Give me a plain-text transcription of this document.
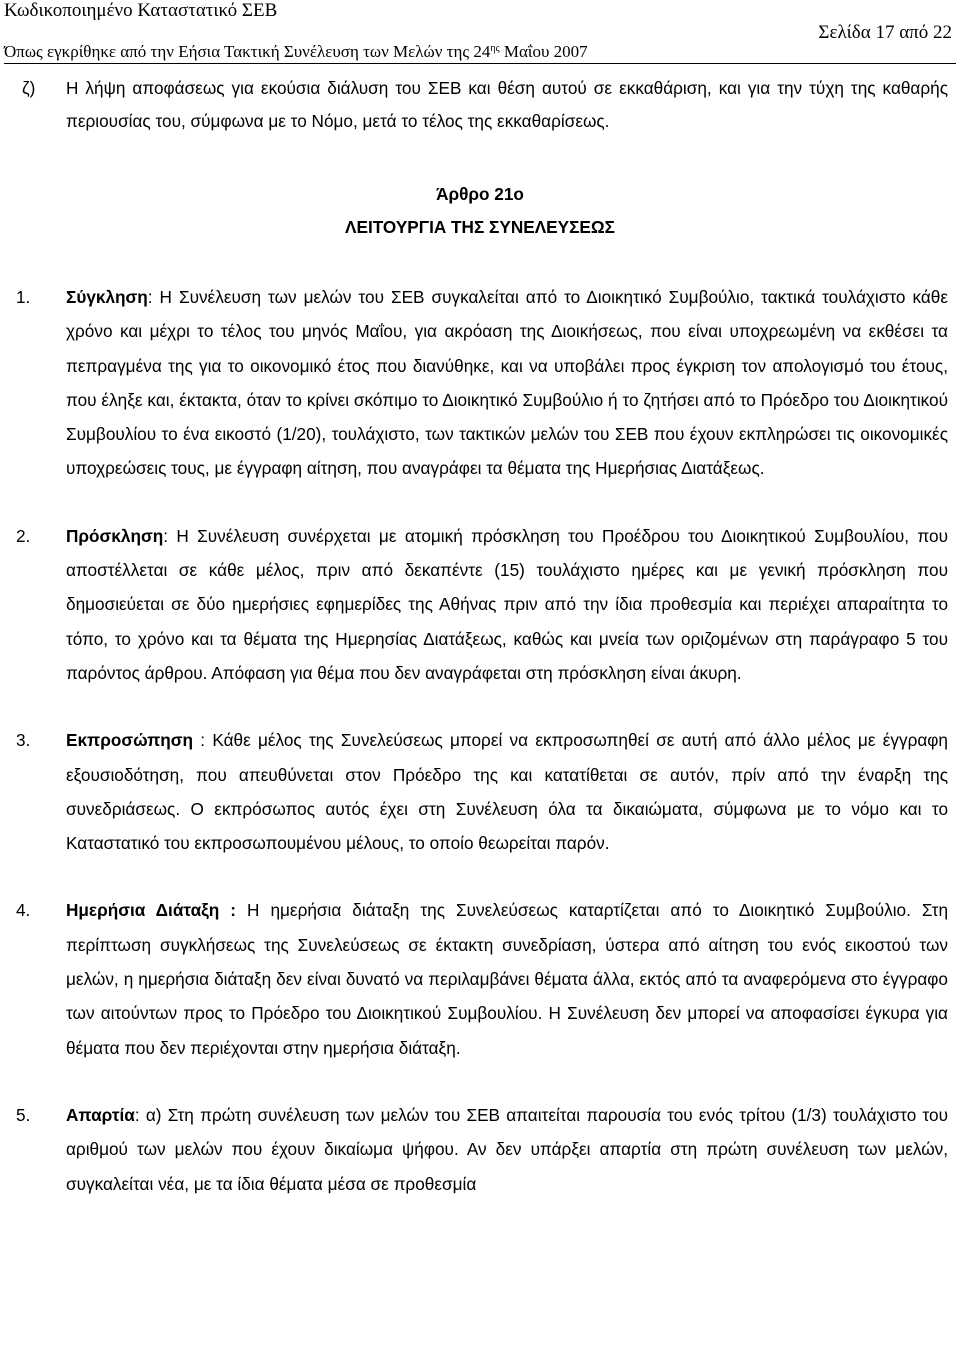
Κωδικοποιημένο Καταστατικό ΣΕΒ
Σελίδα 17 από 22
Όπως εγκρίθηκε από την Εήσια Τακτική Συνέλευση των Μελών της $24^{\eta\varsigma}$ Μαΐου 2007

ζ) Η λήψη αποφάσεως για εκούσια διάλυση του ΣΕΒ και θέση αυτού σε εκκαθάριση, και για την τύχη της καθαρής περιουσίας του, σύμφωνα με το Νόμο, μετά το τέλος της εκκαθαρίσεως.

Άρθρο 21ο
ΛΕΙΤΟΥΡΓΙΑ ΤΗΣ ΣΥΝΕΛΕΥΣΕΩΣ
1. Σύγκληση: Η Συνέλευση των μελών του ΣΕΒ συγκαλείται από το Διοικητικό Συμβούλιο, τακτικά τουλάχιστο κάθε χρόνο και μέχρι το τέλος του μηνός Μαΐου, για ακρόαση της Διοικήσεως, που είναι υποχρεωμένη να εκθέσει τα πεπραγμένα της για το οικονομικό έτος που διανύθηκε, και να υποβάλει προς έγκριση τον απολογισμό του έτους, που έληξε και, έκτακτα, όταν το κρίνει σκόπιμο το Διοικητικό Συμβούλιο ή το ζητήσει από το Πρόεδρο του Διοικητικού Συμβουλίου το ένα εικοστό (1/20), τουλάχιστο, των τακτικών μελών του ΣΕΒ που έχουν εκπληρώσει τις οικονομικές υποχρεώσεις τους, με έγγραφη αίτηση, που αναγράφει τα θέματα της Ημερήσιας Διατάξεως.
2. Πρόσκληση: Η Συνέλευση συνέρχεται με ατομική πρόσκληση του Προέδρου του Διοικητικού Συμβουλίου, που αποστέλλεται σε κάθε μέλος, πριν από δεκαπέντε (15) τουλάχιστο ημέρες και με γενική πρόσκληση που δημοσιεύεται σε δύο ημερήσιες εφημερίδες της Αθήνας πριν από την ίδια προθεσμία και περιέχει απαραίτητα το τόπο, το χρόνο και τα θέματα της Ημερησίας Διατάξεως, καθώς και μνεία των οριζομένων στη παράγραφο 5 του παρόντος άρθρου. Απόφαση για θέμα που δεν αναγράφεται στη πρόσκληση είναι άκυρη.
3. Εκπροσώπηση : Κάθε μέλος της Συνελεύσεως μπορεί να εκπροσωπηθεί σε αυτή από άλλο μέλος με έγγραφη εξουσιοδότηση, που απευθύνεται στον Πρόεδρο της και κατατίθεται σε αυτόν, πρίν από την έναρξη της συνεδριάσεως. Ο εκπρόσωπος αυτός έχει στη Συνέλευση όλα τα δικαιώματα, σύμφωνα με το νόμο και το Καταστατικό του εκπροσωπουμένου μέλους, το οποίο θεωρείται παρόν.
4. Ημερήσια Διάταξη : Η ημερήσια διάταξη της Συνελεύσεως καταρτίζεται από το Διοικητικό Συμβούλιο. Στη περίπτωση συγκλήσεως της Συνελεύσεως σε έκτακτη συνεδρίαση, ύστερα από αίτηση του ενός εικοστού των μελών, η ημερήσια διάταξη δεν είναι δυνατό να περιλαμβάνει θέματα άλλα, εκτός από τα αναφερόμενα στο έγγραφο των αιτούντων προς το Πρόεδρο του Διοικητικού Συμβουλίου. Η Συνέλευση δεν μπορεί να αποφασίσει έγκυρα για θέματα που δεν περιέχονται στην ημερήσια διάταξη.
5. Απαρτία: α) Στη πρώτη συνέλευση των μελών του ΣΕΒ απαιτείται παρουσία του ενός τρίτου (1/3) τουλάχιστο του αριθμού των μελών που έχουν δικαίωμα ψήφου. Αν δεν υπάρξει απαρτία στη πρώτη συνέλευση των μελών, συγκαλείται νέα, με τα ίδια θέματα μέσα σε προθεσμία
